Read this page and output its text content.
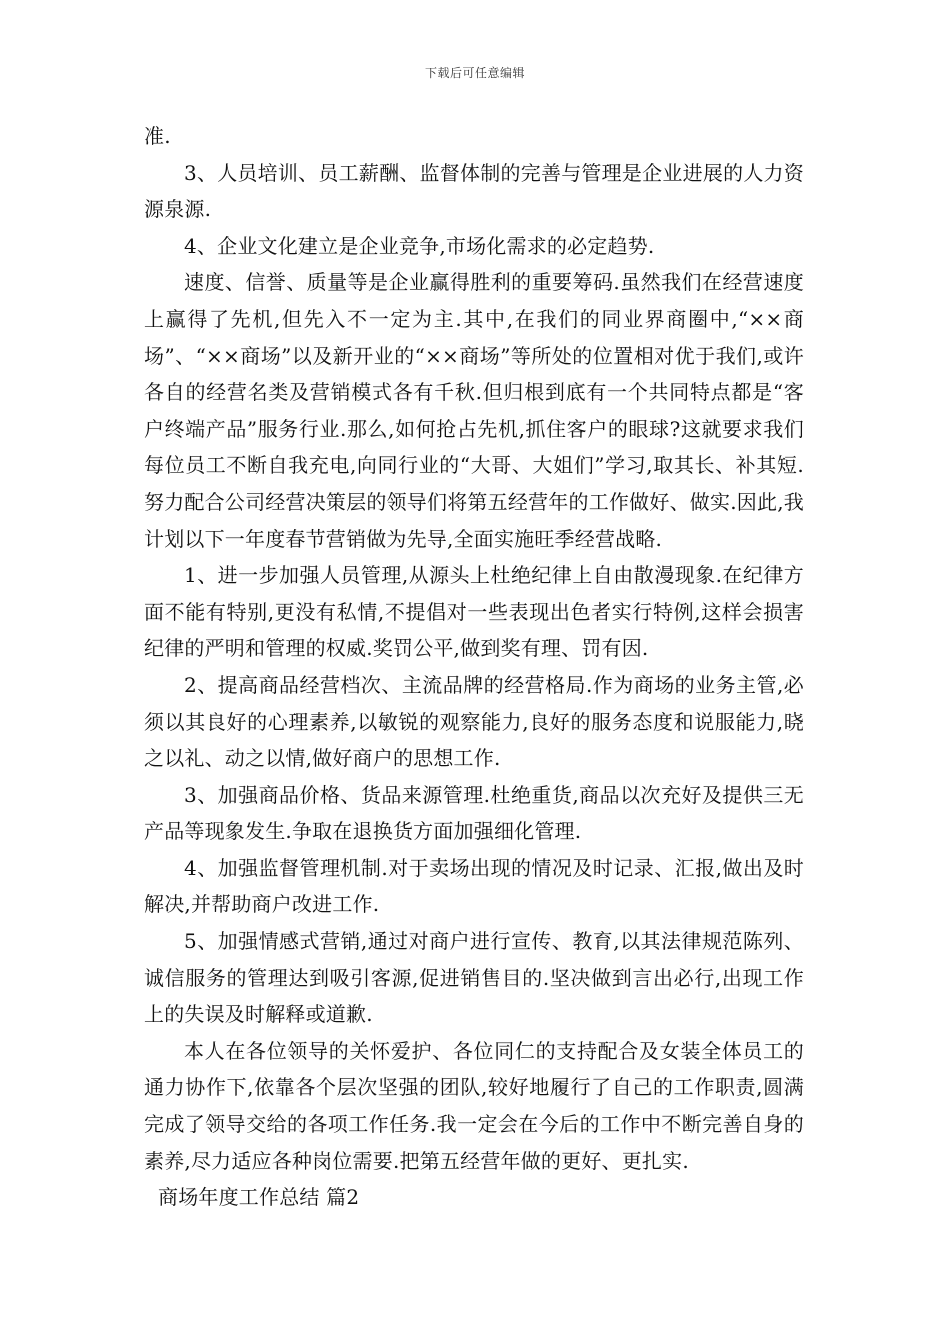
下载后可任意编辑

准.

3、人员培训、员工薪酬、监督体制的完善与管理是企业进展的人力资源泉源.

4、企业文化建立是企业竞争,市场化需求的必定趋势.

速度、信誉、质量等是企业赢得胜利的重要筹码.虽然我们在经营速度上赢得了先机,但先入不一定为主.其中,在我们的同业界商圈中,“××商场”、“××商场”以及新开业的“××商场”等所处的位置相对优于我们,或许各自的经营名类及营销模式各有千秋.但归根到底有一个共同特点都是“客户终端产品”服务行业.那么,如何抢占先机,抓住客户的眼球?这就要求我们每位员工不断自我充电,向同行业的“大哥、大姐们”学习,取其长、补其短.努力配合公司经营决策层的领导们将第五经营年的工作做好、做实.因此,我计划以下一年度春节营销做为先导,全面实施旺季经营战略.

1、进一步加强人员管理,从源头上杜绝纪律上自由散漫现象.在纪律方面不能有特别,更没有私情,不提倡对一些表现出色者实行特例,这样会损害纪律的严明和管理的权威.奖罚公平,做到奖有理、罚有因.

2、提高商品经营档次、主流品牌的经营格局.作为商场的业务主管,必须以其良好的心理素养,以敏锐的观察能力,良好的服务态度和说服能力,晓之以礼、动之以情,做好商户的思想工作.

3、加强商品价格、货品来源管理.杜绝重货,商品以次充好及提供三无产品等现象发生.争取在退换货方面加强细化管理.

4、加强监督管理机制.对于卖场出现的情况及时记录、汇报,做出及时解决,并帮助商户改进工作.

5、加强情感式营销,通过对商户进行宣传、教育,以其法律规范陈列、诚信服务的管理达到吸引客源,促进销售目的.坚决做到言出必行,出现工作上的失误及时解释或道歉.

本人在各位领导的关怀爱护、各位同仁的支持配合及女装全体员工的通力协作下,依靠各个层次坚强的团队,较好地履行了自己的工作职责,圆满完成了领导交给的各项工作任务.我一定会在今后的工作中不断完善自身的素养,尽力适应各种岗位需要.把第五经营年做的更好、更扎实.

商场年度工作总结 篇2
